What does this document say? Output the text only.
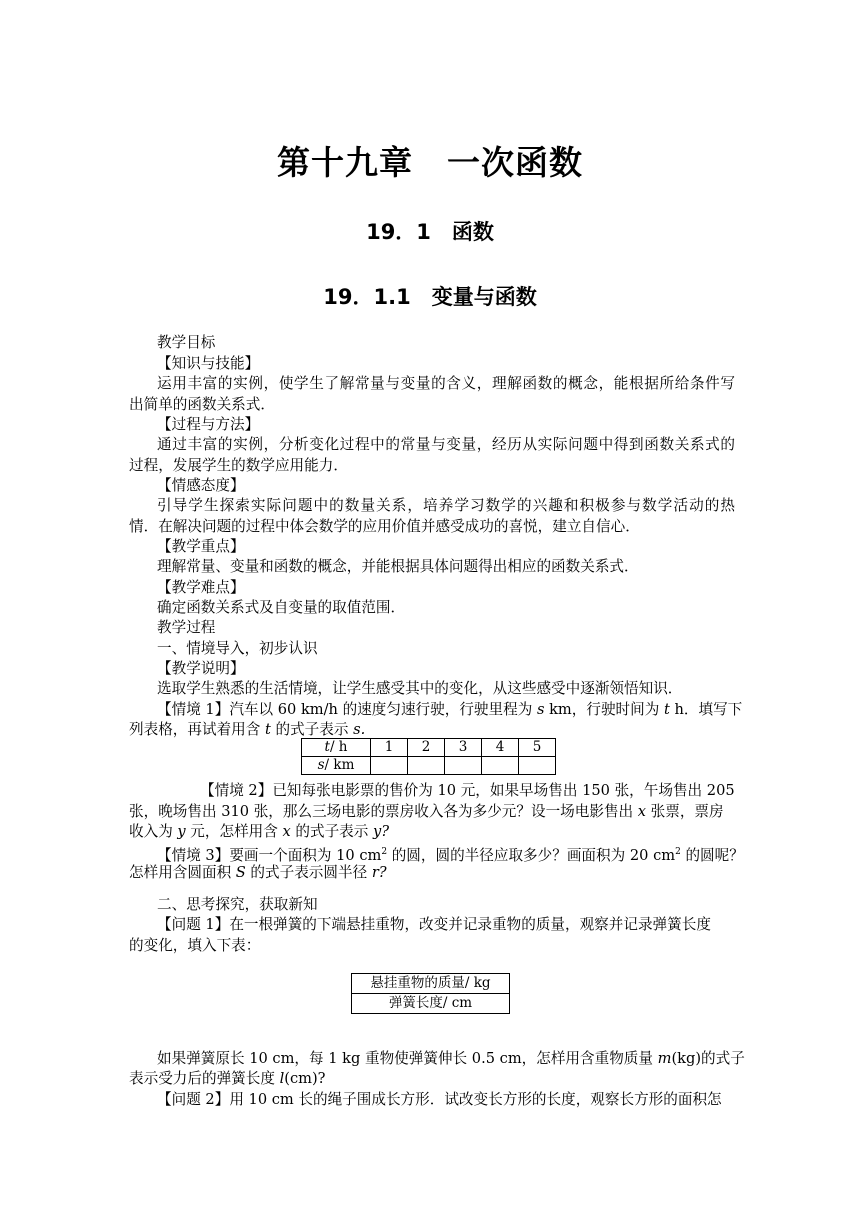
第十九章　一次函数
19．1　函数
19．1.1　变量与函数
教学目标
【知识与技能】
运用丰富的实例，使学生了解常量与变量的含义，理解函数的概念，能根据所给条件写
出简单的函数关系式．
【过程与方法】
通过丰富的实例，分析变化过程中的常量与变量，经历从实际问题中得到函数关系式的
过程，发展学生的数学应用能力．
【情感态度】
引导学生探索实际问题中的数量关系，培养学习数学的兴趣和积极参与数学活动的热
情．在解决问题的过程中体会数学的应用价值并感受成功的喜悦，建立自信心．
【教学重点】
理解常量、变量和函数的概念，并能根据具体问题得出相应的函数关系式．
【教学难点】
确定函数关系式及自变量的取值范围．
教学过程
一、情境导入，初步认识
【教学说明】
选取学生熟悉的生活情境，让学生感受其中的变化，从这些感受中逐渐领悟知识．
【情境 1】汽车以 60 km/h 的速度匀速行驶，行驶里程为 s km，行驶时间为 t h．填写下
列表格，再试着用含 t 的式子表示 s.
t/ h	1	2	3	4	5
s/ km					
【情境 2】已知每张电影票的售价为 10 元，如果早场售出 150 张，午场售出 205
张，晚场售出 310 张，那么三场电影的票房收入各为多少元？设一场电影售出 x 张票，票房
收入为 y 元，怎样用含 x 的式子表示 y?
【情境 3】要画一个面积为 10 $cm^2$ 的圆，圆的半径应取多少？画面积为 20 $cm^2$ 的圆呢？
怎样用含圆面积 S 的式子表示圆半径 r?
二、思考探究，获取新知
【问题 1】在一根弹簧的下端悬挂重物，改变并记录重物的质量，观察并记录弹簧长度
的变化，填入下表：
悬挂重物的质量/ kg
弹簧长度/ cm
如果弹簧原长 10 cm，每 1 kg 重物使弹簧伸长 0.5 cm，怎样用含重物质量 m(kg)的式子
表示受力后的弹簧长度 l(cm)?
【问题 2】用 10 cm 长的绳子围成长方形．试改变长方形的长度，观察长方形的面积怎
